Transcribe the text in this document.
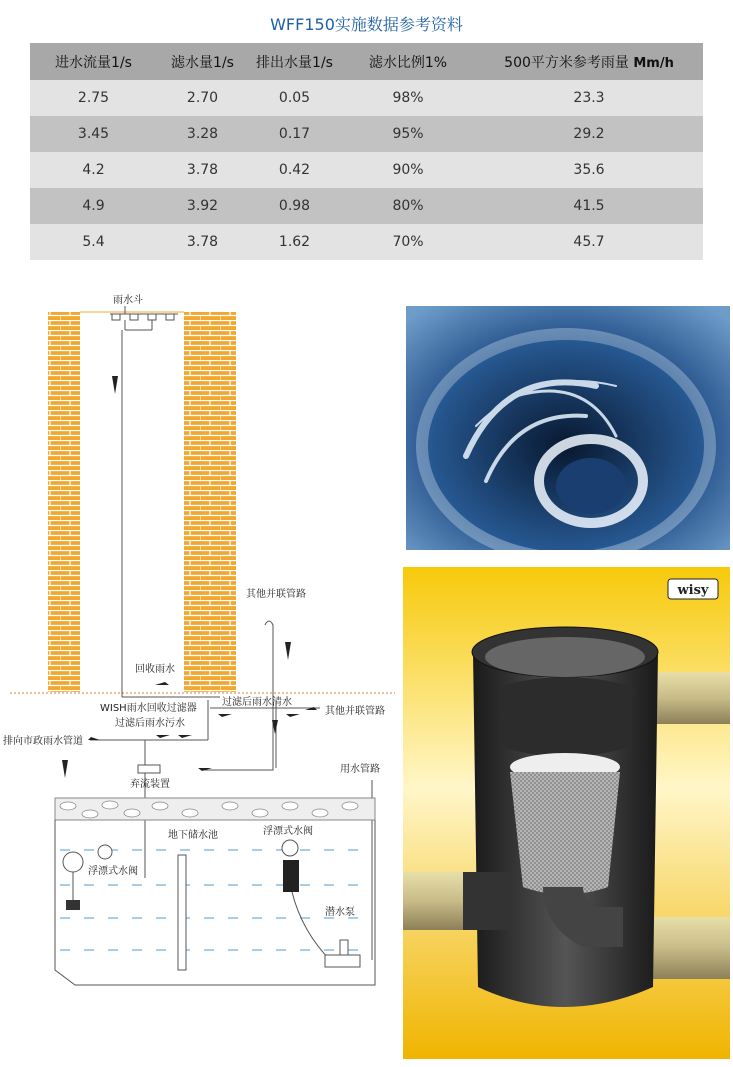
WFF150实施数据参考资料
进水流量1/s	滤水量1/s	排出水量1/s	滤水比例1%	500平方米参考雨量 Mm/h
2.75	2.70	0.05	98%	23.3
3.45	3.28	0.17	95%	29.2
4.2	3.78	0.42	90%	35.6
4.9	3.92	0.98	80%	41.5
5.4	3.78	1.62	70%	45.7
雨水斗
其他并联管路
回收雨水
WISH雨水回收过滤器
过滤后雨水清水
其他并联管路
过滤后雨水污水
排向市政雨水管道
弃流装置
用水管路
地下储水池
浮漂式水阀
浮漂式水阀
潜水泵
wisy
